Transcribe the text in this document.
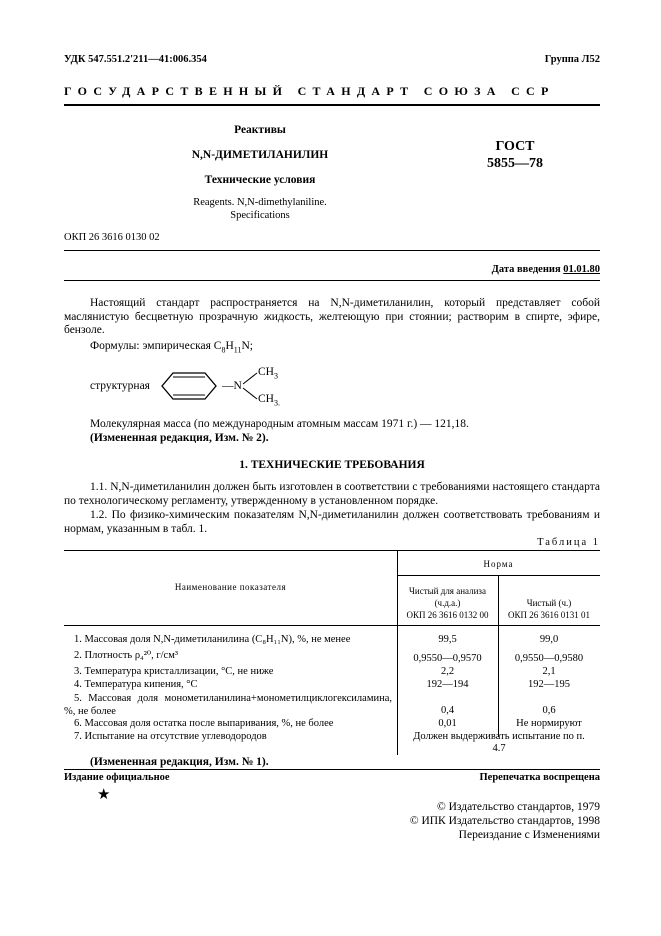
УДК 547.551.2'211—41:006.354	Группа Л52
ГОСУДАРСТВЕННЫЙ СТАНДАРТ СОЮЗА ССР
Реактивы
N,N-ДИМЕТИЛАНИЛИН
Технические условия
Reagents. N,N-dimethylaniline.
Specifications
ГОСТ
5855—78
ОКП 26 3616 0130 02
Дата введения 01.01.80

Настоящий стандарт распространяется на N,N-диметиланилин, который представляет собой маслянистую бесцветную прозрачную жидкость, желтеющую при стоянии; растворим в спирте, эфире, бензоле.

Формулы: эмпирическая $C_8H_{11}N$;
структурная	—N
$CH_3$
$CH_{3.}$
Молекулярная масса (по международным атомным массам 1971 г.) — 121,18.
(Измененная редакция, Изм. № 2).
1. ТЕХНИЧЕСКИЕ ТРЕБОВАНИЯ

1.1. N,N-диметиланилин должен быть изготовлен в соответствии с требованиями настоящего стандарта по технологическому регламенту, утвержденному в установленном порядке.

1.2. По физико-химическим показателям N,N-диметиланилин должен соответствовать требованиям и нормам, указанным в табл. 1.

Таблица 1
Наименование показателя
Норма
Чистый для анализа
(ч.д.а.)
ОКП 26 3616 0132 00
Чистый (ч.)
ОКП 26 3616 0131 01
1. Массовая доля N,N-диметиланилина (C₈H₁₁N), %, не менее	99,5	99,0
2. Плотность ρ₄²⁰, г/см³	0,9550—0,9570	0,9550—0,9580
3. Температура кристаллизации, °С, не ниже	2,2	2,1
4. Температура кипения, °С	192—194	192—195
5. Массовая доля монометиланилина+монометилциклогексиламина, %, не более	0,4	0,6
6. Массовая доля остатка после выпаривания, %, не более	0,01	Не нормируют
7. Испытание на отсутствие углеводородов	Должен выдерживать испытание по п. 4.7
(Измененная редакция, Изм. № 1).
Издание официальное	Перепечатка воспрещена
★
© Издательство стандартов, 1979
© ИПК Издательство стандартов, 1998
Переиздание с Изменениями
